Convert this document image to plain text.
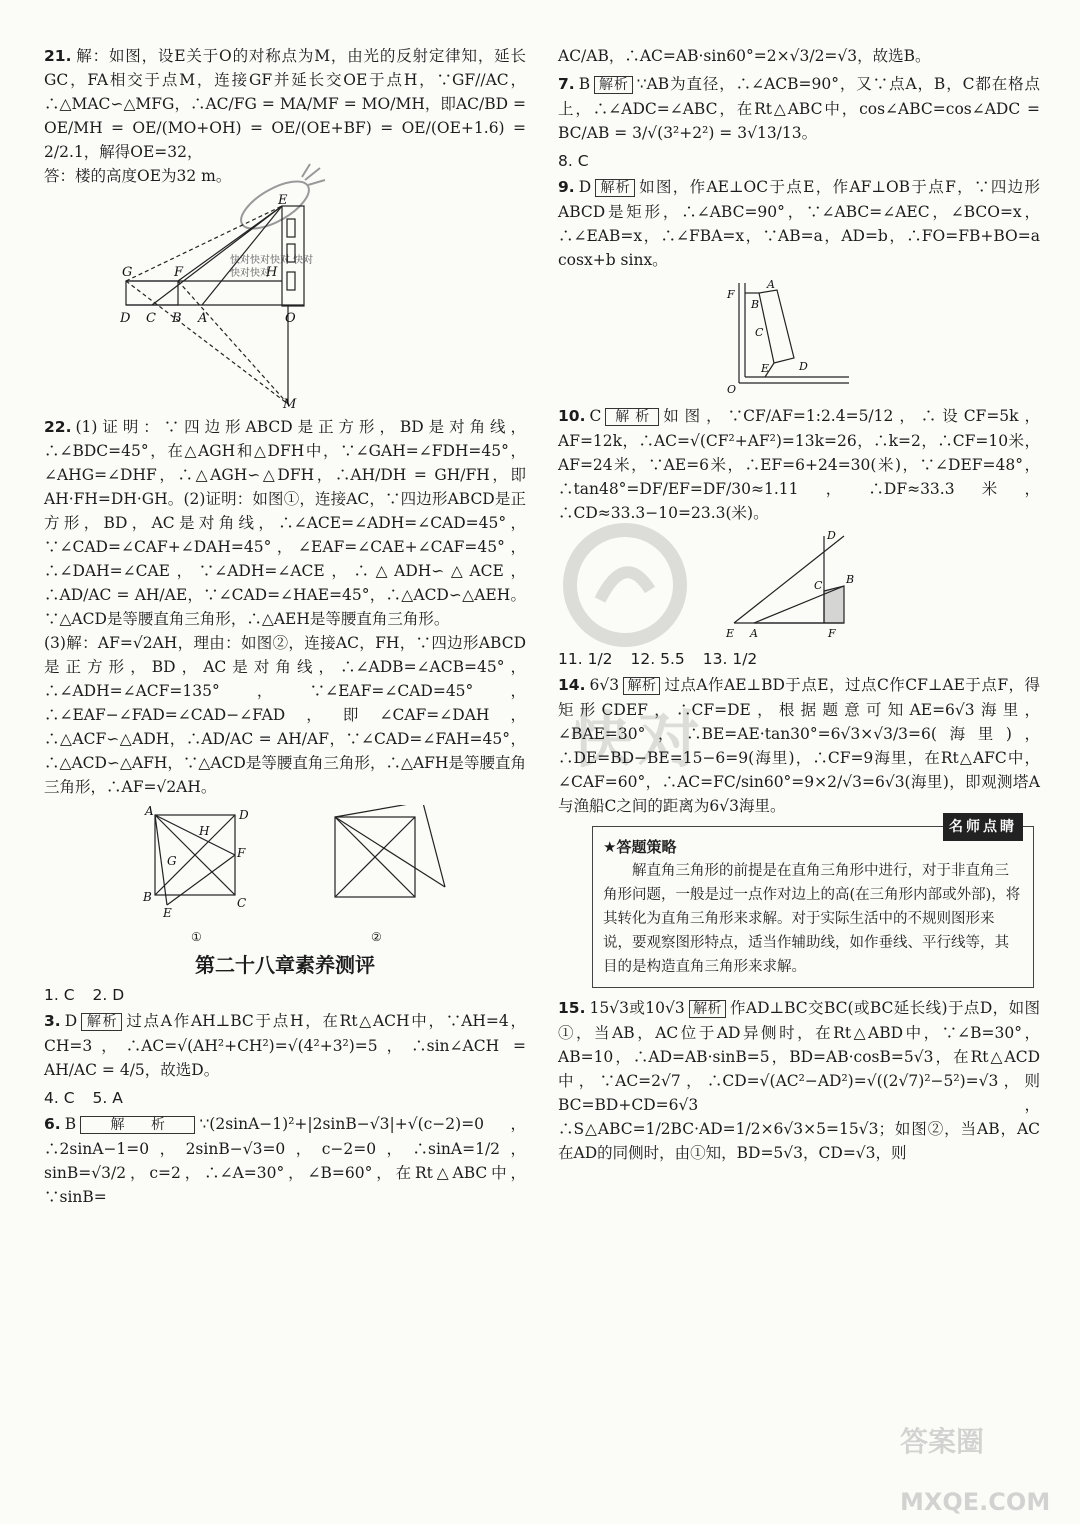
快对快对快对 快对快对快对
快对
答案圈
MXQE.COM
21. 解：如图，设E关于O的对称点为M，由光的反射定律知，延长GC，FA相交于点M，连接GF并延长交OE于点H，∵GF//AC，∴△MAC∽△MFG，∴AC/FG = MA/MF = MO/MH，即AC/BD = OE/MH = OE/(MO+OH) = OE/(OE+BF) = OE/(OE+1.6) = 2/2.1，解得OE=32，
答：楼的高度OE为32 m。
E
G	F	H
D C B A	O
M
22. (1)证明：∵四边形ABCD是正方形，BD是对角线，∴∠BDC=45°，在△AGH和△DFH中，∵∠GAH=∠FDH=45°，∠AHG=∠DHF，∴△AGH∽△DFH，∴AH/DH = GH/FH，即AH·FH=DH·GH。(2)证明：如图①，连接AC，∵四边形ABCD是正方形，BD，AC是对角线，∴∠ACE=∠ADH=∠CAD=45°，∵∠CAD=∠CAF+∠DAH=45°，∠EAF=∠CAE+∠CAF=45°，∴∠DAH=∠CAE，∵∠ADH=∠ACE，∴△ADH∽△ACE，∴AD/AC = AH/AE，∵∠CAD=∠HAE=45°，∴△ACD∽△AEH。∵△ACD是等腰直角三角形，∴△AEH是等腰直角三角形。
(3)解：AF=√2AH，理由：如图②，连接AC，FH，∵四边形ABCD是正方形，BD，AC是对角线，∴∠ADB=∠ACB=45°，∴∠ADH=∠ACF=135°，∵∠EAF=∠CAD=45°，∴∠EAF−∠FAD=∠CAD−∠FAD，即∠CAF=∠DAH，∴△ACF∽△ADH，∴AD/AC = AH/AF，∵∠CAD=∠FAH=45°，∴△ACD∽△AFH，∵△ACD是等腰直角三角形，∴△AFH是等腰直角三角形，∴AF=√2AH。
A	D
B	C
E
F
G
H
①	②
第二十八章素养测评
1. C 2. D
3. D 解析 过点A作AH⊥BC于点H，在Rt△ACH中，∵AH=4，CH=3，∴AC=√(AH²+CH²)=√(4²+3²)=5，∴sin∠ACH = AH/AC = 4/5，故选D。
4. C 5. A
6. B 解析 ∵(2sinA−1)²+|2sinB−√3|+√(c−2)=0，∴2sinA−1=0，2sinB−√3=0，c−2=0，∴sinA=1/2，sinB=√3/2，c=2，∴∠A=30°，∠B=60°，在Rt△ABC中，∵sinB=
AC/AB，∴AC=AB·sin60°=2×√3/2=√3，故选B。
7. B 解析 ∵AB为直径，∴∠ACB=90°，又∵点A，B，C都在格点上，∴∠ADC=∠ABC，在Rt△ABC中，cos∠ABC=cos∠ADC = BC/AB = 3/√(3²+2²) = 3√13/13。
8. C
9. D 解析 如图，作AE⊥OC于点E，作AF⊥OB于点F，∵四边形ABCD是矩形，∴∠ABC=90°，∵∠ABC=∠AEC，∠BCO=x，∴∠EAB=x，∴∠FBA=x，∵AB=a，AD=b，∴FO=FB+BO=a cosx+b sinx。
F
A
B
C
E	D
O
10. C 解析 如图，∵CF/AF=1:2.4=5/12，∴设CF=5k，AF=12k，∴AC=√(CF²+AF²)=13k=26，∴k=2，∴CF=10米，AF=24米，∵AE=6米，∴EF=6+24=30(米)，∵∠DEF=48°，∴tan48°=DF/EF=DF/30≈1.11，∴DF≈33.3米，∴CD≈33.3−10=23.3(米)。
D
C B
E A	F
11. 1/2 12. 5.5 13. 1/2
14. 6√3 解析 过点A作AE⊥BD于点E，过点C作CF⊥AE于点F，得矩形CDEF，∴CF=DE，根据题意可知AE=6√3海里，∠BAE=30°，∴BE=AE·tan30°=6√3×√3/3=6(海里)，∴DE=BD−BE=15−6=9(海里)，∴CF=9海里，在Rt△AFC中，∠CAF=60°，∴AC=FC/sin60°=9×2/√3=6√3(海里)，即观测塔A与渔船C之间的距离为6√3海里。
名师点睛
★答题策略
解直角三角形的前提是在直角三角形中进行，对于非直角三角形问题，一般是过一点作对边上的高(在三角形内部或外部)，将其转化为直角三角形来求解。对于实际生活中的不规则图形来说，要观察图形特点，适当作辅助线，如作垂线、平行线等，其目的是构造直角三角形来求解。
15. 15√3或10√3 解析 作AD⊥BC交BC(或BC延长线)于点D，如图①，当AB，AC位于AD异侧时，在Rt△ABD中，∵∠B=30°，AB=10，∴AD=AB·sinB=5，BD=AB·cosB=5√3，在Rt△ACD中，∵AC=2√7，∴CD=√(AC²−AD²)=√((2√7)²−5²)=√3，则BC=BD+CD=6√3，∴S△ABC=1/2BC·AD=1/2×6√3×5=15√3；如图②，当AB，AC在AD的同侧时，由①知，BD=5√3，CD=√3，则
